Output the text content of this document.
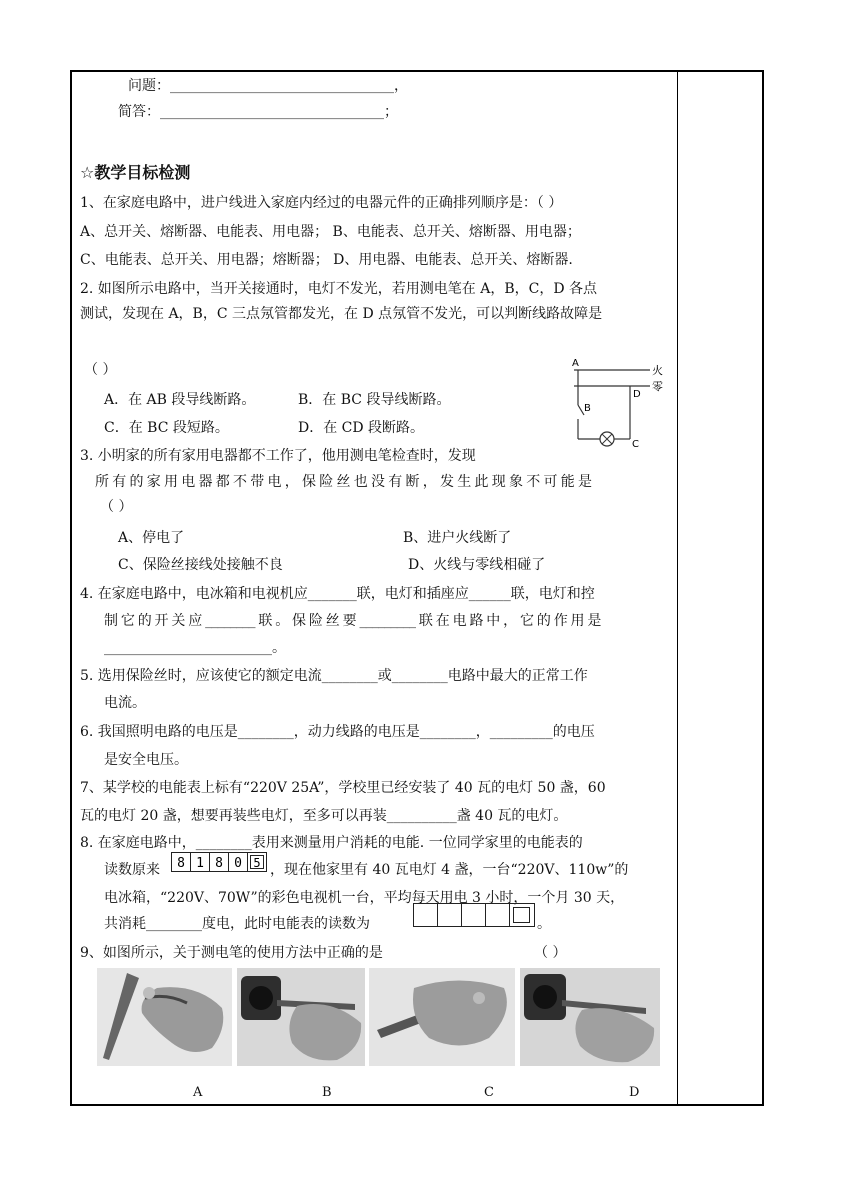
问题：________________________________，
简答：________________________________；
☆教学目标检测
1、在家庭电路中，进户线进入家庭内经过的电器元件的正确排列顺序是：（ ）
A、总开关、熔断器、电能表、用电器； B、电能表、总开关、熔断器、用电器；
C、电能表、总开关、用电器；熔断器； D、用电器、电能表、总开关、熔断器.
2. 如图所示电路中，当开关接通时，电灯不发光，若用测电笔在 A，B，C，D 各点
测试，发现在 A，B，C 三点氖管都发光，在 D 点氖管不发光，可以判断线路故障是
（ ）
A．在 AB 段导线断路。	B．在 BC 段导线断路。
C．在 BC 段短路。	D．在 CD 段断路。
A
B
D
C
火
零
3. 小明家的所有家用电器都不工作了，他用测电笔检查时，发现
所 有 的 家 用 电 器 都 不 带 电 ， 保 险 丝 也 没 有 断 ， 发 生 此 现 象 不 可 能 是
（ ）
A、停电了	B、进户火线断了
C、保险丝接线处接触不良	D、火线与零线相碰了
4. 在家庭电路中，电冰箱和电视机应_______联，电灯和插座应______联，电灯和控
制 它 的 开 关 应 ________ 联 。 保 险 丝 要 _________ 联 在 电 路 中 ， 它 的 作 用 是
________________________。
5. 选用保险丝时，应该使它的额定电流________或________电路中最大的正常工作
电流。
6. 我国照明电路的电压是________，动力线路的电压是________，_________的电压
是安全电压。
7、某学校的电能表上标有“220V 25A”，学校里已经安装了 40 瓦的电灯 50 盏，60
瓦的电灯 20 盏，想要再装些电灯，至多可以再装__________盏 40 瓦的电灯。
8. 在家庭电路中，________表用来测量用户消耗的电能. 一位同学家里的电能表的
读数原来 8 1 8 0 5 ，现在他家里有 40 瓦电灯 4 盏，一台“220V、110w”的
电冰箱，“220V、70W”的彩色电视机一台，平均每天用电 3 小时，一个月 30 天，
共消耗________度电，此时电能表的读数为	。
9、如图所示，关于测电笔的使用方法中正确的是	（ ）
A	B	C	D
